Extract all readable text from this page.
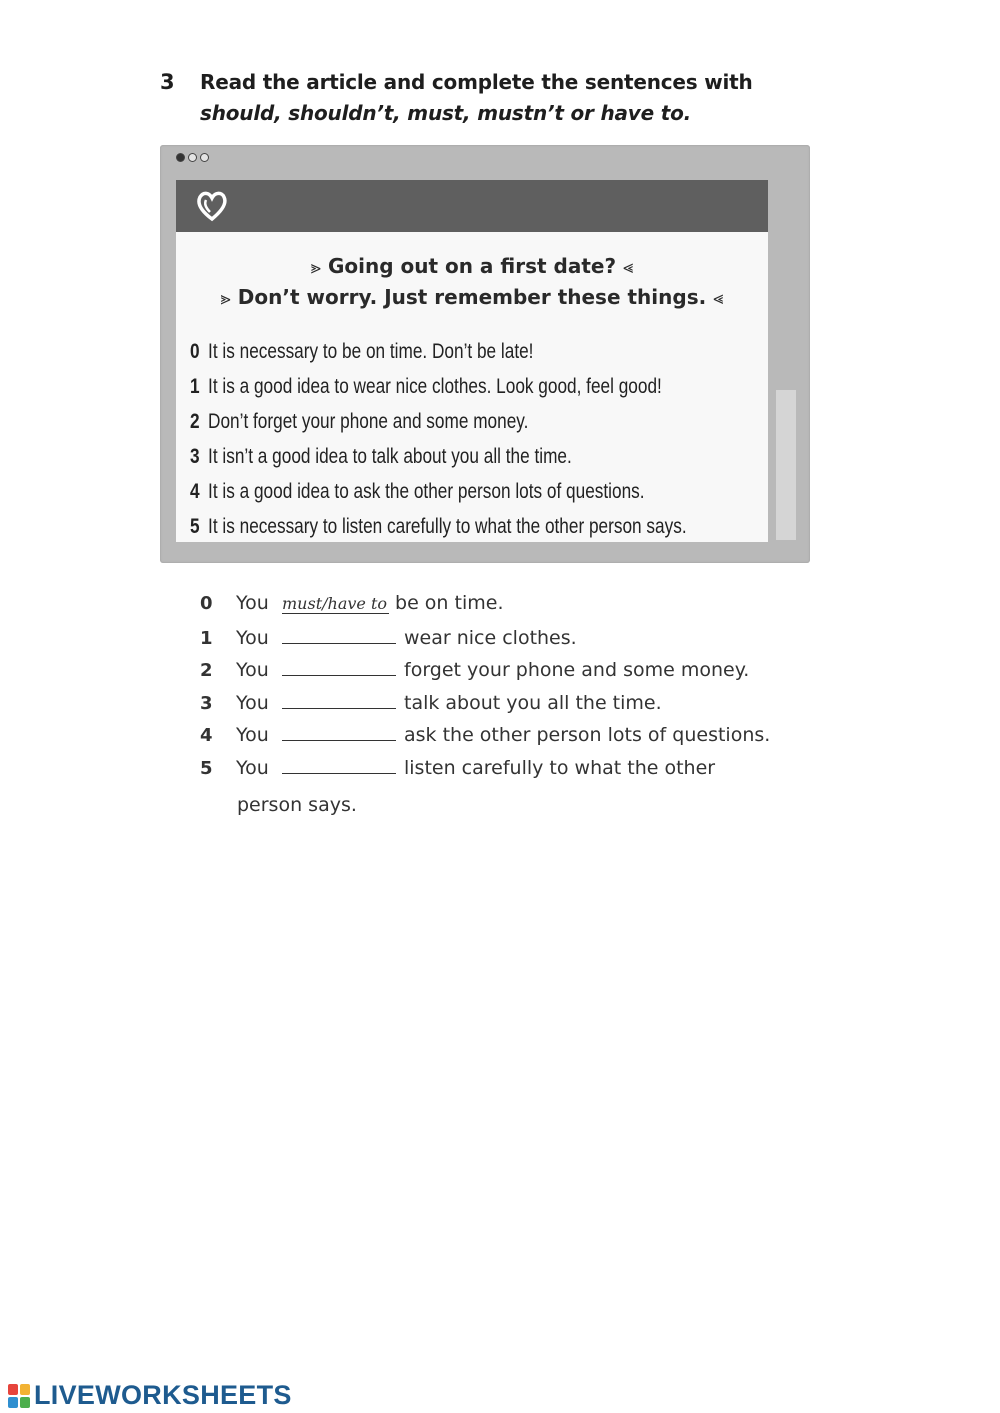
3 Read the article and complete the sentences with
should, shouldn’t, must, mustn’t or have to.
⪢ Going out on a first date? ⪡
⪢ Don’t worry. Just remember these things. ⪡
0 It is necessary to be on time. Don’t be late!
1 It is a good idea to wear nice clothes. Look good, feel good!
2 Don’t forget your phone and some money.
3 It isn’t a good idea to talk about you all the time.
4 It is a good idea to ask the other person lots of questions.
5 It is necessary to listen carefully to what the other person says.
0	You must/have to be on time.
1	You	wear nice clothes.
2	You	forget your phone and some money.
3	You	talk about you all the time.
4	You	ask the other person lots of questions.
5	You	listen carefully to what the other
person says.
LIVEWORKSHEETS
